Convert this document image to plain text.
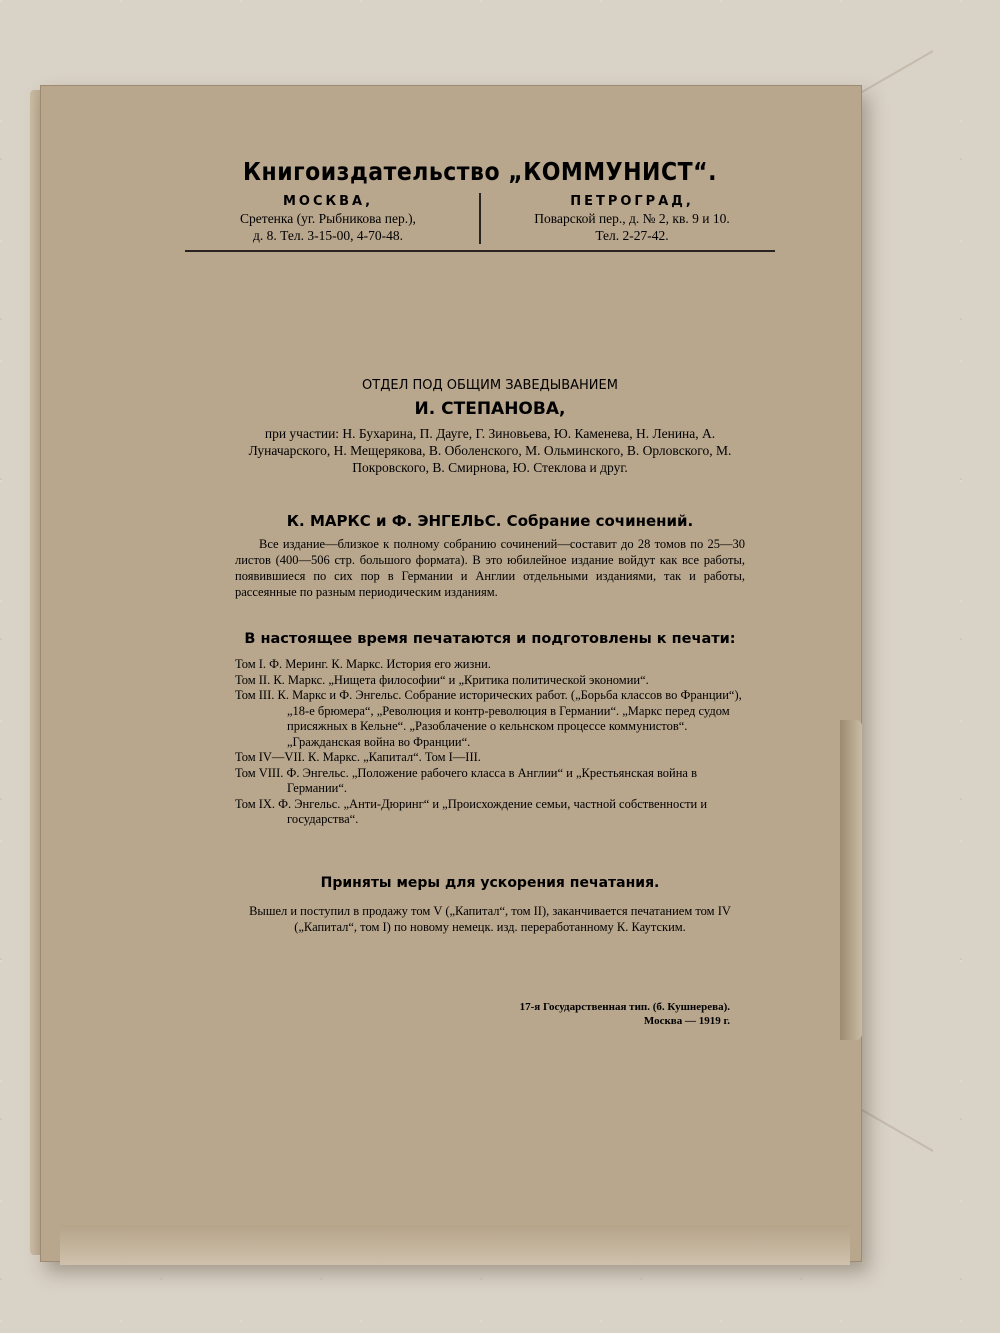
Книгоиздательство „КОММУНИСТ“.
МОСКВА,
Сретенка (уг. Рыбникова пер.),
д. 8. Тел. 3-15-00, 4-70-48.
ПЕТРОГРАД,
Поварской пер., д. № 2, кв. 9 и 10.
Тел. 2-27-42.
ОТДЕЛ ПОД ОБЩИМ ЗАВЕДЫВАНИЕМ
И. СТЕПАНОВА,
при участии: Н. Бухарина, П. Дауге, Г. Зиновьева, Ю. Каменева, Н. Ленина, А. Луначарского, Н. Мещерякова, В. Оболенского, М. Ольминского, В. Орловского, М. Покровского, В. Смирнова, Ю. Стеклова и друг.
К. МАРКС и Ф. ЭНГЕЛЬС. Собрание сочинений.
Все издание—близкое к полному собранию сочинений—составит до 28 томов по 25—30 листов (400—506 стр. большого формата). В это юбилейное издание войдут как все работы, появившиеся по сих пор в Германии и Англии отдельными изданиями, так и работы, рассеянные по разным периодическим изданиям.
В настоящее время печатаются и подготовлены к печати:
Том I. Ф. Меринг. К. Маркс. История его жизни.
Том II. К. Маркс. „Нищета философии“ и „Критика политической экономии“.
Том III. К. Маркс и Ф. Энгельс. Собрание исторических работ. („Борьба классов во Франции“), „18-е брюмера“, „Революция и контр-революция в Германии“. „Маркс перед судом присяжных в Кельне“. „Разоблачение о кельнском процессе коммунистов“. „Гражданская война во Франции“.
Том IV—VII. К. Маркс. „Капитал“. Том I—III.
Том VIII. Ф. Энгельс. „Положение рабочего класса в Англии“ и „Крестьянская война в Германии“.
Том IX. Ф. Энгельс. „Анти-Дюринг“ и „Происхождение семьи, частной собственности и государства“.
Приняты меры для ускорения печатания.
Вышел и поступил в продажу том V („Капитал“, том II), заканчивается печатанием том IV („Капитал“, том I) по новому немецк. изд. переработанному К. Каутским.
17-я Государственная тип. (б. Кушнерева).
Москва — 1919 г.
